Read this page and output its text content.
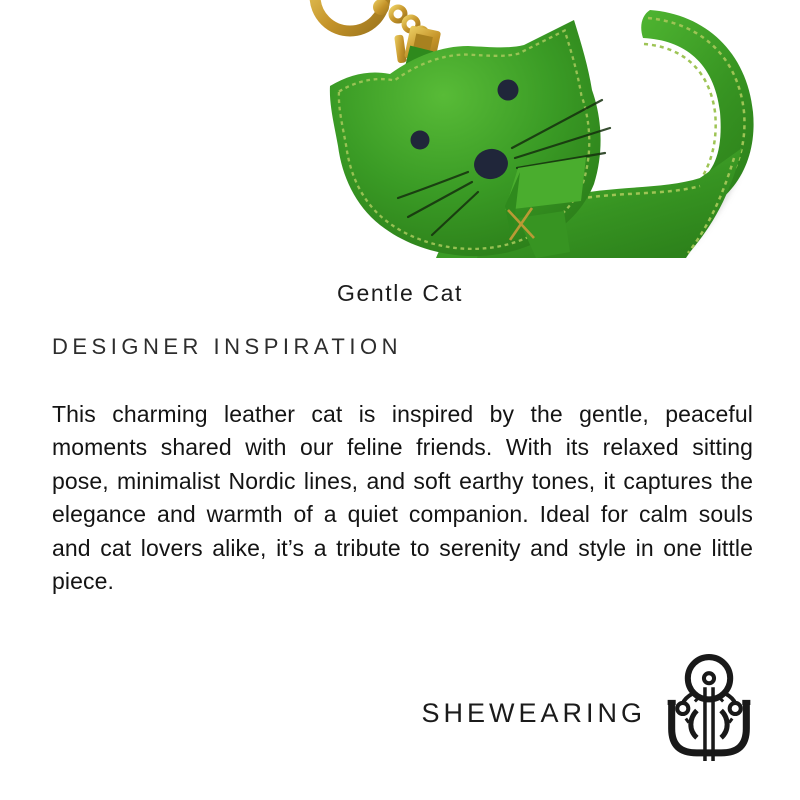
Gentle Cat
DESIGNER INSPIRATION

This charming leather cat is inspired by the gentle, peaceful moments shared with our feline friends. With its relaxed sitting pose, minimalist Nordic lines, and soft earthy tones, it captures the elegance and warmth of a quiet companion. Ideal for calm souls and cat lovers alike, it’s a tribute to serenity and style in one little piece.

SHEWEARING
